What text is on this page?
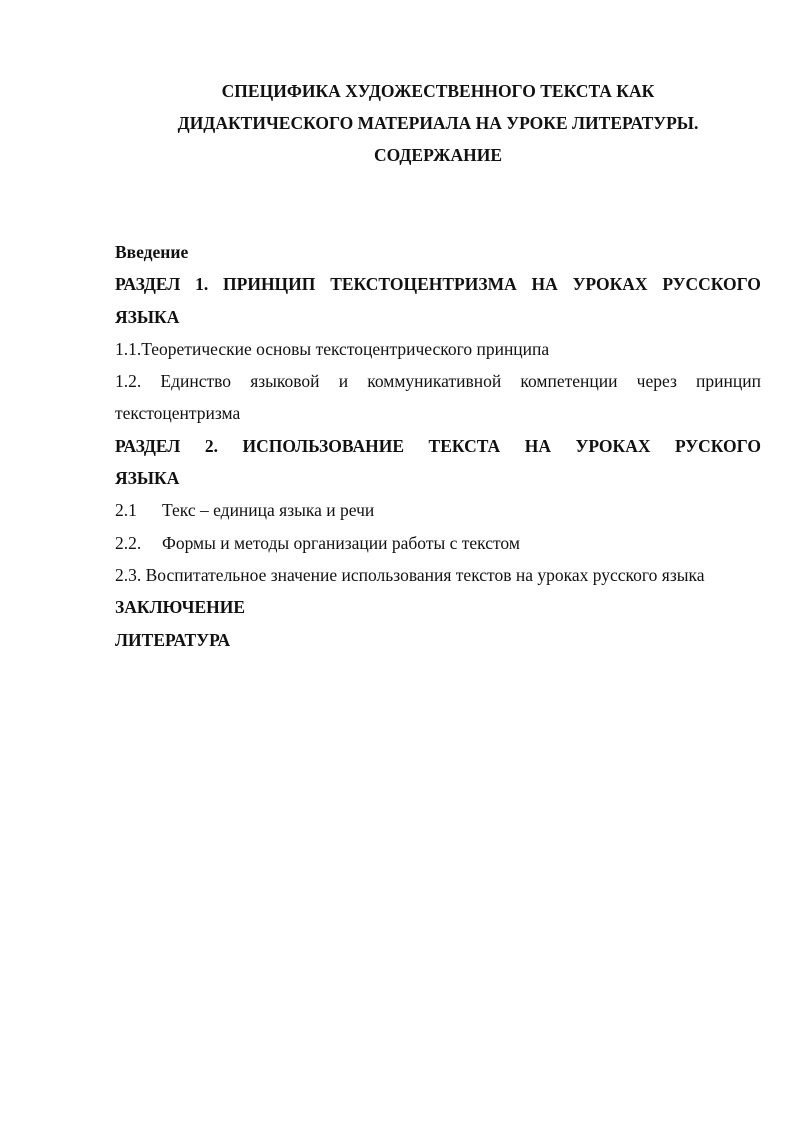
СПЕЦИФИКА ХУДОЖЕСТВЕННОГО ТЕКСТА КАК
ДИДАКТИЧЕСКОГО МАТЕРИАЛА НА УРОКЕ ЛИТЕРАТУРЫ.
СОДЕРЖАНИЕ
Введение
РАЗДЕЛ 1. ПРИНЦИП ТЕКСТОЦЕНТРИЗМА НА УРОКАХ РУССКОГО
ЯЗЫКА
1.1.Теоретические основы текстоцентрического принципа
1.2. Единство языковой и коммуникативной компетенции через принцип
текстоцентризма
РАЗДЕЛ 2. ИСПОЛЬЗОВАНИЕ ТЕКСТА НА УРОКАХ РУСКОГО
ЯЗЫКА
2.1 Текс – единица языка и речи
2.2. Формы и методы организации работы с текстом
2.3. Воспитательное значение использования текстов на уроках русского языка
ЗАКЛЮЧЕНИЕ
ЛИТЕРАТУРА
